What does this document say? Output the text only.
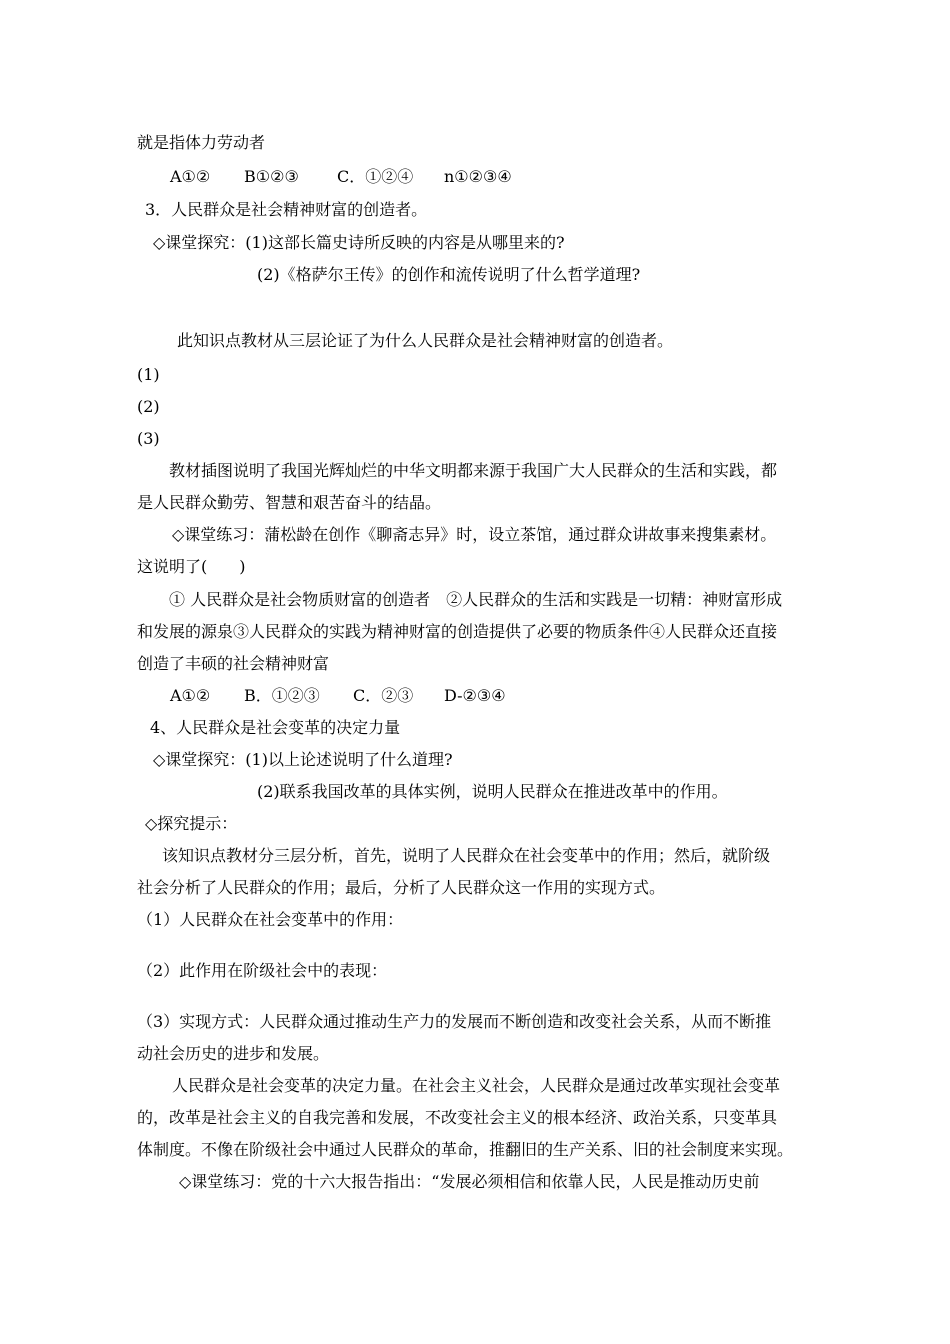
就是指体力劳动者
A①② B①②③ C．①②④ n①②③④
3．人民群众是社会精神财富的创造者。
◇课堂探究：(1)这部长篇史诗所反映的内容是从哪里来的?
(2)《格萨尔王传》的创作和流传说明了什么哲学道理?
此知识点教材从三层论证了为什么人民群众是社会精神财富的创造者。
(1)
(2)
(3)
教材插图说明了我国光辉灿烂的中华文明都来源于我国广大人民群众的生活和实践，都
是人民群众勤劳、智慧和艰苦奋斗的结晶。
◇课堂练习：蒲松龄在创作《聊斋志异》时，设立茶馆，通过群众讲故事来搜集素材。
这说明了(　　)
① 人民群众是社会物质财富的创造者　②人民群众的生活和实践是一切精：神财富形成
和发展的源泉③人民群众的实践为精神财富的创造提供了必要的物质条件④人民群众还直接
创造了丰硕的社会精神财富
A①② B．①②③ C．②③ D-②③④
4、人民群众是社会变革的决定力量
◇课堂探究：(1)以上论述说明了什么道理?
(2)联系我国改革的具体实例，说明人民群众在推进改革中的作用。
◇探究提示：
该知识点教材分三层分析，首先，说明了人民群众在社会变革中的作用；然后，就阶级
社会分析了人民群众的作用；最后，分析了人民群众这一作用的实现方式。
（1）人民群众在社会变革中的作用：
（2）此作用在阶级社会中的表现：
（3）实现方式：人民群众通过推动生产力的发展而不断创造和改变社会关系，从而不断推
动社会历史的进步和发展。
人民群众是社会变革的决定力量。在社会主义社会，人民群众是通过改革实现社会变革
的，改革是社会主义的自我完善和发展，不改变社会主义的根本经济、政治关系，只变革具
体制度。不像在阶级社会中通过人民群众的革命，推翻旧的生产关系、旧的社会制度来实现。
◇课堂练习：党的十六大报告指出：“发展必须相信和依靠人民，人民是推动历史前
